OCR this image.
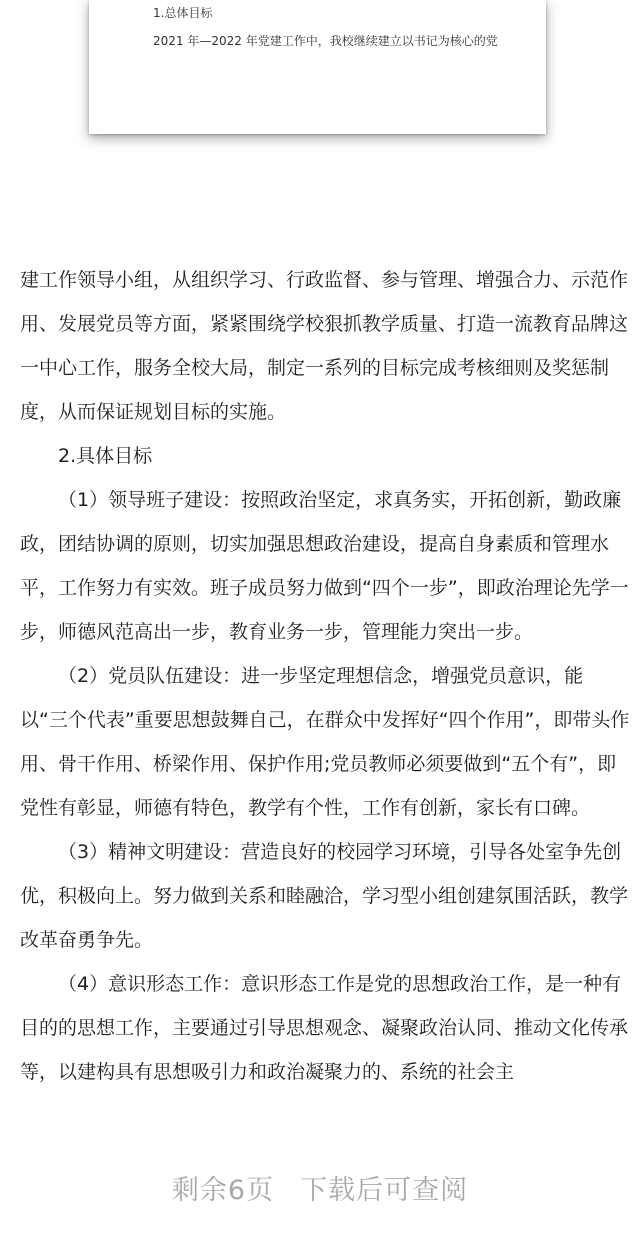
1.总体目标
2021 年—2022 年党建工作中，我校继续建立以书记为核心的党

建工作领导小组，从组织学习、行政监督、参与管理、增强合力、示范作用、发展党员等方面，紧紧围绕学校狠抓教学质量、打造一流教育品牌这一中心工作，服务全校大局，制定一系列的目标完成考核细则及奖惩制度，从而保证规划目标的实施。

2.具体目标

（1）领导班子建设：按照政治坚定，求真务实，开拓创新，勤政廉政，团结协调的原则，切实加强思想政治建设，提高自身素质和管理水平，工作努力有实效。班子成员努力做到“四个一步”，即政治理论先学一步，师德风范高出一步，教育业务一步，管理能力突出一步。

（2）党员队伍建设：进一步坚定理想信念，增强党员意识，能以“三个代表”重要思想鼓舞自己，在群众中发挥好“四个作用”，即带头作用、骨干作用、桥梁作用、保护作用;党员教师必须要做到“五个有”，即党性有彰显，师德有特色，教学有个性，工作有创新，家长有口碑。

（3）精神文明建设：营造良好的校园学习环境，引导各处室争先创优，积极向上。努力做到关系和睦融洽，学习型小组创建氛围活跃，教学改革奋勇争先。

（4）意识形态工作：意识形态工作是党的思想政治工作，是一种有目的的思想工作，主要通过引导思想观念、凝聚政治认同、推动文化传承等，以建构具有思想吸引力和政治凝聚力的、系统的社会主

剩余6页 下载后可查阅
